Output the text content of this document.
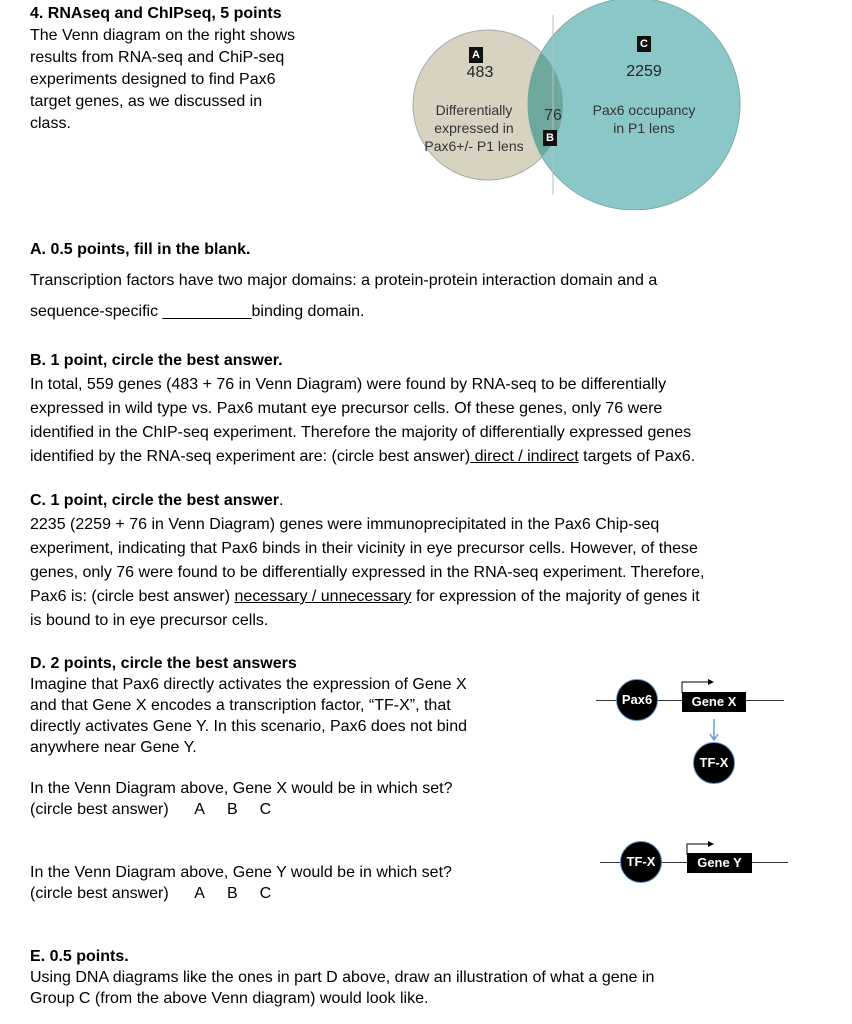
4. RNAseq and ChIPseq, 5 points
The Venn diagram on the right shows
results from RNA-seq and ChiP-seq
experiments designed to find Pax6
target genes, as we discussed in
class.
A
483
Differentially
expressed in
Pax6+/- P1 lens
76
B
C
2259
Pax6 occupancy
in P1 lens
A. 0.5 points, fill in the blank.
Transcription factors have two major domains: a protein-protein interaction domain and a
sequence-specific __________binding domain.
B. 1 point, circle the best answer.
In total, 559 genes (483 + 76 in Venn Diagram) were found by RNA-seq to be differentially
expressed in wild type vs. Pax6 mutant eye precursor cells. Of these genes, only 76 were
identified in the ChIP-seq experiment. Therefore the majority of differentially expressed genes
identified by the RNA-seq experiment are: (circle best answer) direct / indirect targets of Pax6.
C. 1 point, circle the best answer.
2235 (2259 + 76 in Venn Diagram) genes were immunoprecipitated in the Pax6 Chip-seq
experiment, indicating that Pax6 binds in their vicinity in eye precursor cells. However, of these
genes, only 76 were found to be differentially expressed in the RNA-seq experiment. Therefore,
Pax6 is: (circle best answer) necessary / unnecessary for expression of the majority of genes it
is bound to in eye precursor cells.
D. 2 points, circle the best answers
Imagine that Pax6 directly activates the expression of Gene X
and that Gene X encodes a transcription factor, “TF-X”, that
directly activates Gene Y. In this scenario, Pax6 does not bind
anywhere near Gene Y.
In the Venn Diagram above, Gene X would be in which set?
(circle best answer) A B C
In the Venn Diagram above, Gene Y would be in which set?
(circle best answer) A B C
Pax6	Gene X
TF-X
TF-X	Gene Y
E. 0.5 points.
Using DNA diagrams like the ones in part D above, draw an illustration of what a gene in
Group C (from the above Venn diagram) would look like.
